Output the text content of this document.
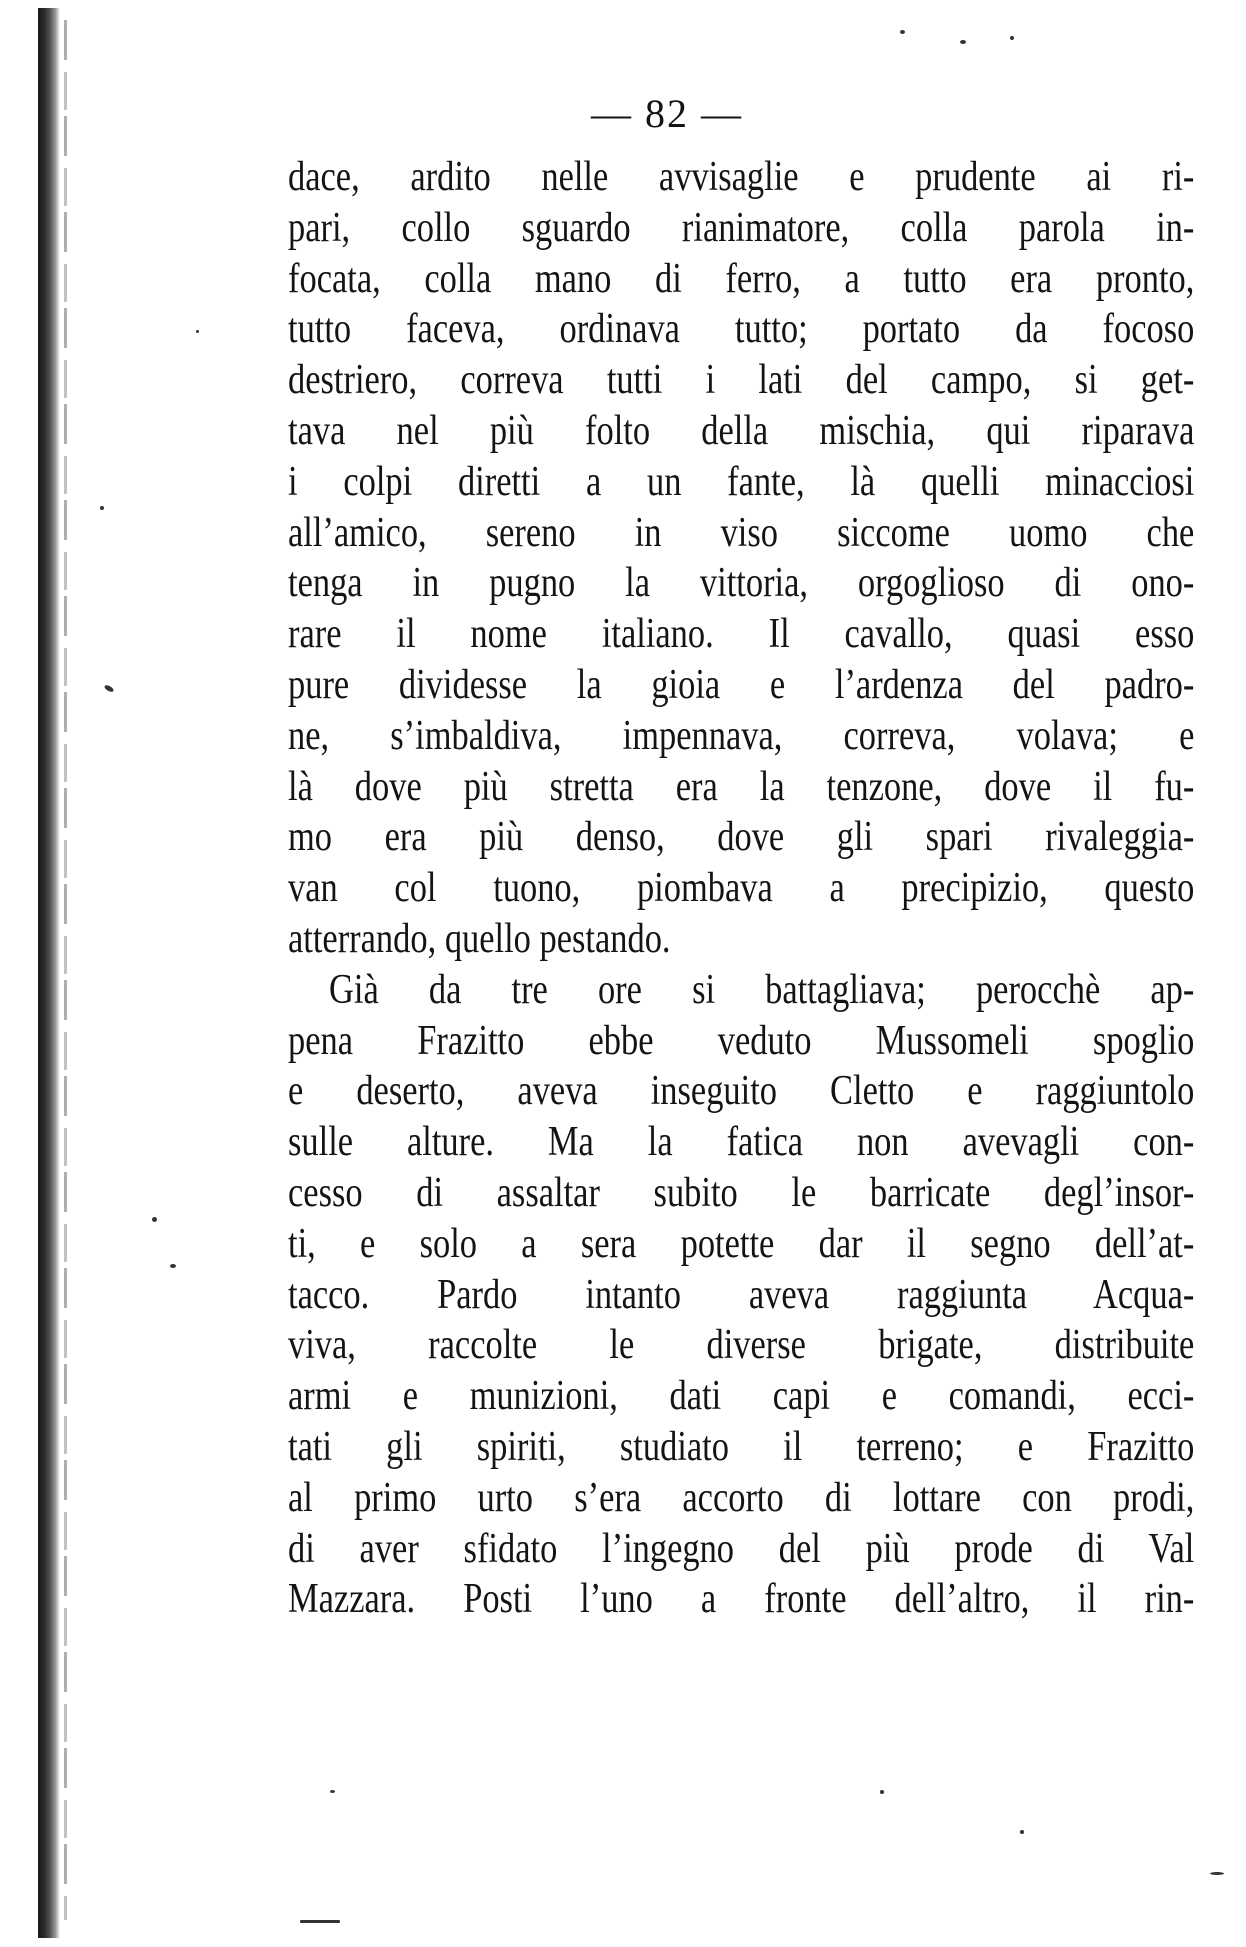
— 82 —
dace, ardito nelle avvisaglie e prudente ai ri-
pari, collo sguardo rianimatore, colla parola in-
focata, colla mano di ferro, a tutto era pronto,
tutto faceva, ordinava tutto; portato da focoso
destriero, correva tutti i lati del campo, si get-
tava nel più folto della mischia, qui riparava
i colpi diretti a un fante, là quelli minacciosi
all’amico, sereno in viso siccome uomo che
tenga in pugno la vittoria, orgoglioso di ono-
rare il nome italiano. Il cavallo, quasi esso
pure dividesse la gioia e l’ardenza del padro-
ne, s’imbaldiva, impennava, correva, volava; e
là dove più stretta era la tenzone, dove il fu-
mo era più denso, dove gli spari rivaleggia-
van col tuono, piombava a precipizio, questo
atterrando, quello pestando.
Già da tre ore si battagliava; perocchè ap-
pena Frazitto ebbe veduto Mussomeli spoglio
e deserto, aveva inseguito Cletto e raggiuntolo
sulle alture. Ma la fatica non avevagli con-
cesso di assaltar subito le barricate degl’insor-
ti, e solo a sera potette dar il segno dell’at-
tacco. Pardo intanto aveva raggiunta Acqua-
viva, raccolte le diverse brigate, distribuite
armi e munizioni, dati capi e comandi, ecci-
tati gli spiriti, studiato il terreno; e Frazitto
al primo urto s’era accorto di lottare con prodi,
di aver sfidato l’ingegno del più prode di Val
Mazzara. Posti l’uno a fronte dell’altro, il rin-
